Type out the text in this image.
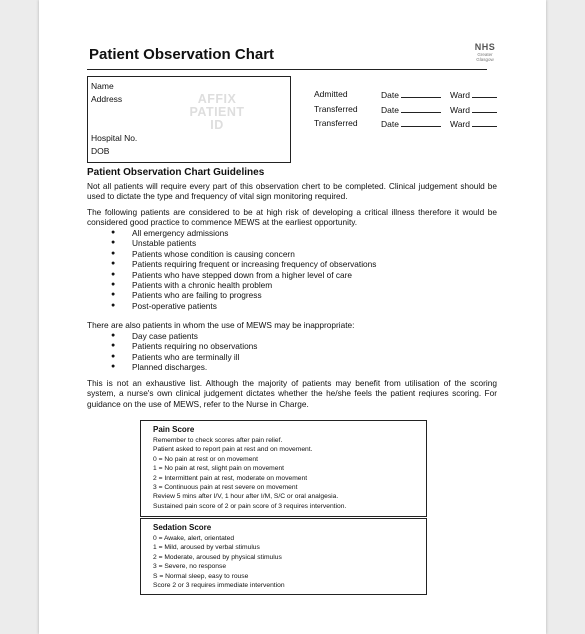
Patient Observation Chart	NHS
Greater
Glasgow
Name
Address
Hospital No.
DOB
AFFIX
PATIENT
ID
Admitted	Date	Ward
Transferred	Date	Ward
Transferred	Date	Ward
Patient Observation Chart Guidelines
Not all patients will require every part of this observation chert to be completed. Clinical judgement should be used to dictate the type and frequency of vital sign monitoring required.
The following patients are considered to be at high risk of developing a critical illness therefore it would be considered good practice to commence MEWS at the earliest opportunity.
● All emergency admissions
● Unstable patients
● Patients whose condition is causing concern
● Patients requiring frequent or increasing frequency of observations
● Patients who have stepped down from a higher level of care
● Patients with a chronic health problem
● Patients who are failing to progress
● Post-operative patients
There are also patients in whom the use of MEWS may be inappropriate:
● Day case patients
● Patients requiring no observations
● Patients who are terminally ill
● Planned discharges.
This is not an exhaustive list. Although the majority of patients may benefit from utilisation of the scoring system, a nurse's own clinical judgement dictates whether the he/she feels the patient reqiures scoring. For guidance on the use of MEWS, refer to the Nurse in Charge.
Pain Score
Remember to check scores after pain relief.
Patient asked to report pain at rest and on movement.
0 = No pain at rest or on movement
1 = No pain at rest, slight pain on movement
2 = Intermittent pain at rest, moderate on movement
3 = Continuous pain at rest severe on movement
Review 5 mins after I/V, 1 hour after I/M, S/C or oral analgesia.
Sustained pain score of 2 or pain score of 3 requires intervention.
Sedation Score
0 = Awake, alert, orientated
1 = Mild, aroused by verbal stimulus
2 = Moderate, aroused by physical stimulus
3 = Severe, no response
S = Normal sleep, easy to rouse
Score 2 or 3 requires immediate intervention
